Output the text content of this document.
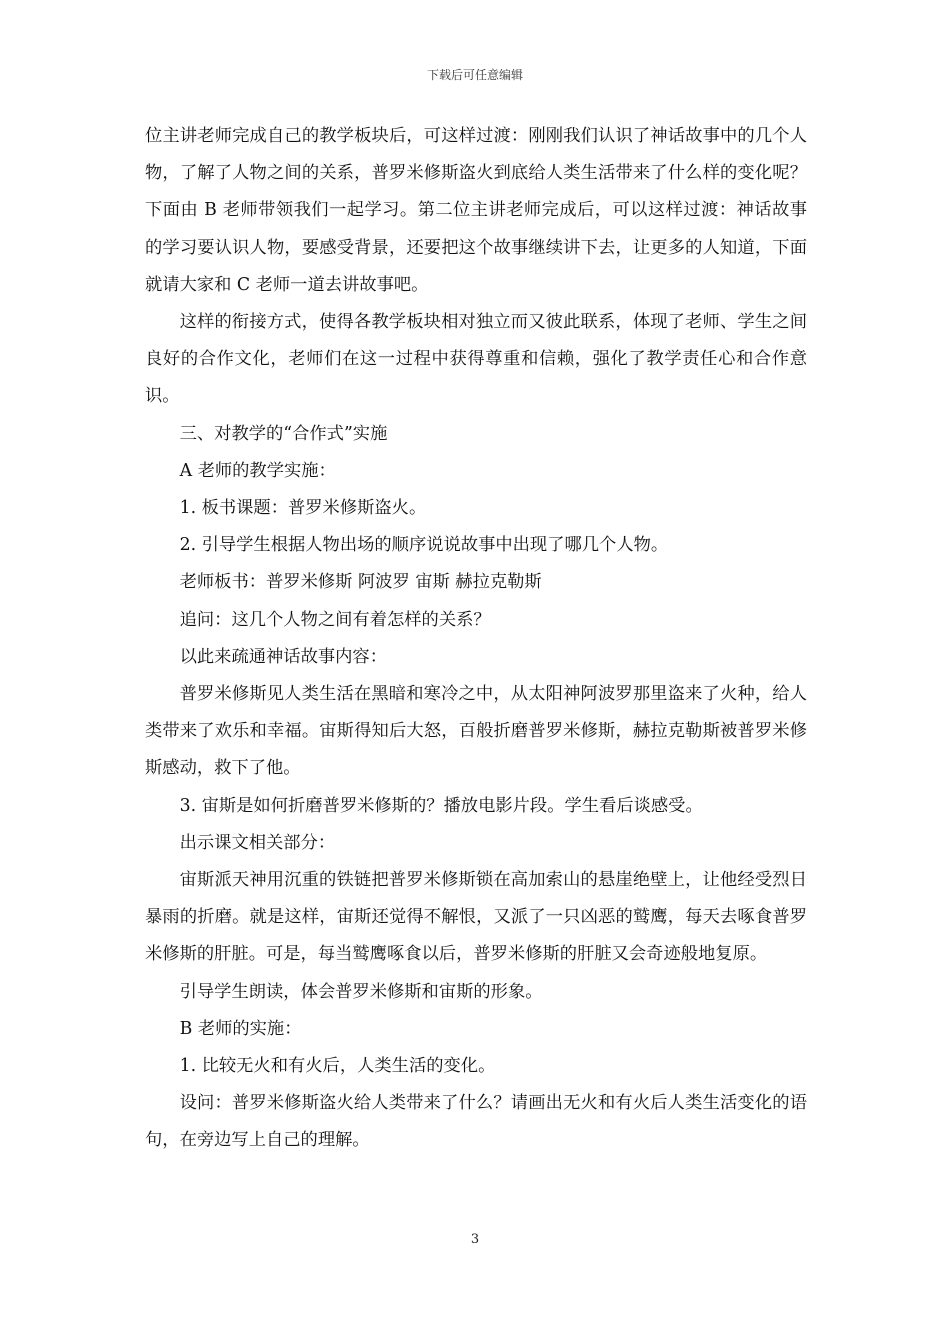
下载后可任意编辑

位主讲老师完成自己的教学板块后，可这样过渡：刚刚我们认识了神话故事中的几个人物，了解了人物之间的关系，普罗米修斯盗火到底给人类生活带来了什么样的变化呢？下面由 B 老师带领我们一起学习。第二位主讲老师完成后，可以这样过渡：神话故事的学习要认识人物，要感受背景，还要把这个故事继续讲下去，让更多的人知道，下面就请大家和 C 老师一道去讲故事吧。

这样的衔接方式，使得各教学板块相对独立而又彼此联系，体现了老师、学生之间良好的合作文化，老师们在这一过程中获得尊重和信赖，强化了教学责任心和合作意识。

三、对教学的“合作式”实施

A 老师的教学实施：

1. 板书课题：普罗米修斯盗火。

2. 引导学生根据人物出场的顺序说说故事中出现了哪几个人物。

老师板书：普罗米修斯 阿波罗 宙斯 赫拉克勒斯

追问：这几个人物之间有着怎样的关系？

以此来疏通神话故事内容：

普罗米修斯见人类生活在黑暗和寒冷之中，从太阳神阿波罗那里盗来了火种，给人类带来了欢乐和幸福。宙斯得知后大怒，百般折磨普罗米修斯，赫拉克勒斯被普罗米修斯感动，救下了他。

3. 宙斯是如何折磨普罗米修斯的？播放电影片段。学生看后谈感受。

出示课文相关部分：

宙斯派天神用沉重的铁链把普罗米修斯锁在高加索山的悬崖绝壁上，让他经受烈日暴雨的折磨。就是这样，宙斯还觉得不解恨，又派了一只凶恶的鹫鹰，每天去啄食普罗米修斯的肝脏。可是，每当鹫鹰啄食以后，普罗米修斯的肝脏又会奇迹般地复原。

引导学生朗读，体会普罗米修斯和宙斯的形象。

B 老师的实施：

1. 比较无火和有火后，人类生活的变化。

设问：普罗米修斯盗火给人类带来了什么？请画出无火和有火后人类生活变化的语句，在旁边写上自己的理解。

3
